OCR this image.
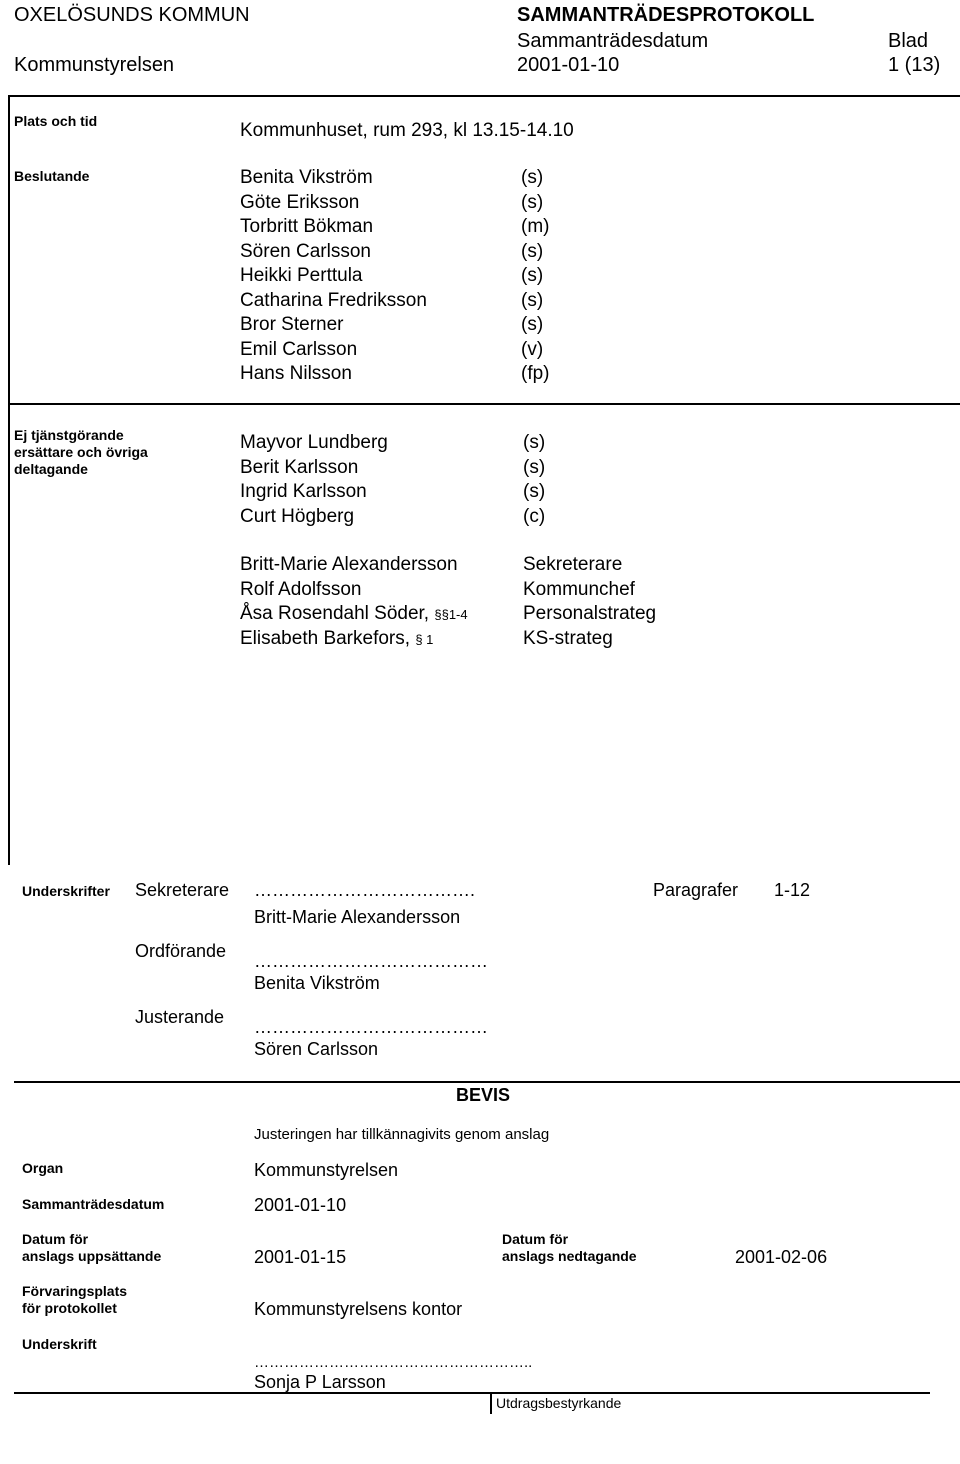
OXELÖSUNDS KOMMUN	SAMMANTRÄDESPROTOKOLL
Sammanträdesdatum	Blad
Kommunstyrelsen	2001-01-10	1 (13)
Plats och tid	Kommunhuset, rum 293, kl 13.15-14.10
Beslutande	Benita Vikström	(s)
Göte Eriksson	(s)
Torbritt Bökman	(m)
Sören Carlsson	(s)
Heikki Perttula	(s)
Catharina Fredriksson	(s)
Bror Sterner	(s)
Emil Carlsson	(v)
Hans Nilsson	(fp)
Ej tjänstgörande
ersättare och övriga
deltagande
Mayvor Lundberg	(s)
Berit Karlsson	(s)
Ingrid Karlsson	(s)
Curt Högberg	(c)
Britt-Marie Alexandersson	Sekreterare
Rolf Adolfsson	Kommunchef
Åsa Rosendahl Söder, §§1-4	Personalstrateg
Elisabeth Barkefors, § 1	KS-strateg
Underskrifter Sekreterare ……………………………….	Paragrafer 1-12
Britt-Marie Alexandersson
Ordförande …………………………………
Benita Vikström
Justerande …………………………………
Sören Carlsson
BEVIS
Justeringen har tillkännagivits genom anslag
Organ	Kommunstyrelsen
Sammanträdesdatum	2001-01-10
Datum för
anslags uppsättande	2001-01-15
Datum för
anslags nedtagande	2001-02-06
Förvaringsplats
för protokollet	Kommunstyrelsens kontor
Underskrift
………………………………………………..
Sonja P Larsson
Utdragsbestyrkande
